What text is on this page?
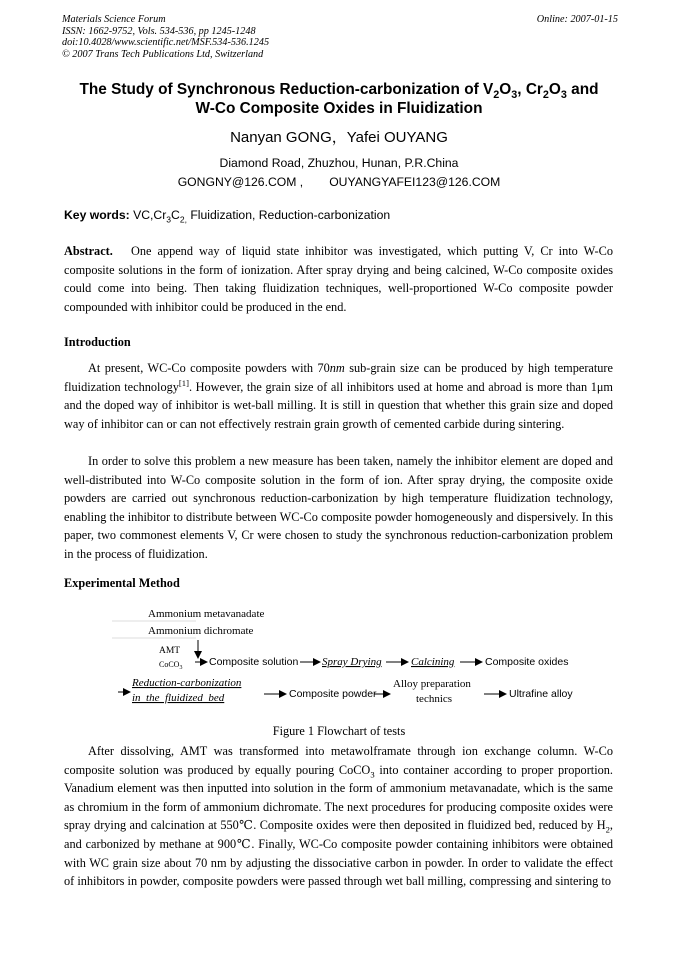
Materials Science Forum
ISSN: 1662-9752, Vols. 534-536, pp 1245-1248
doi:10.4028/www.scientific.net/MSF.534-536.1245
© 2007 Trans Tech Publications Ltd, Switzerland
Online: 2007-01-15
The Study of Synchronous Reduction-carbonization of $V_2O_3$, $Cr_2O_3$ and
W-Co Composite Oxides in Fluidization
Nanyan GONG，Yafei OUYANG
Diamond Road, Zhuzhou, Hunan, P.R.China
GONGNY@126.COM , OUYANGYAFEI123@126.COM
Key words: $VC,Cr_3C_{2,}$ Fluidization, Reduction-carbonization
Abstract. One append way of liquid state inhibitor was investigated, which putting V, Cr into W-Co composite solutions in the form of ionization. After spray drying and being calcined, W-Co composite oxides could come into being. Then taking fluidization techniques, well-proportioned W-Co composite powder compounded with inhibitor could be produced in the end.
Introduction
At present, WC-Co composite powders with 70nm sub-grain size can be produced by high temperature fluidization technology[1]. However, the grain size of all inhibitors used at home and abroad is more than 1μm and the doped way of inhibitor is wet-ball milling. It is still in question that whether this grain size and doped way of inhibitor can or can not effectively restrain grain growth of cemented carbide during sintering.
In order to solve this problem a new measure has been taken, namely the inhibitor element are doped and well-distributed into W-Co composite solution in the form of ion. After spray drying, the composite oxide powders are carried out synchronous reduction-carbonization by high temperature fluidization technology, enabling the inhibitor to distribute between WC-Co composite powder homogeneously and dispersively. In this paper, two commonest elements V, Cr were chosen to study the synchronous reduction-carbonization problem in the process of fluidization.
Experimental Method
Ammonium metavanadate
Ammonium dichromate
AMT
CoCO$_3$	Composite solution Spray Drying	Calcining	Composite oxides
Reduction-carbonization
in  the  fluidized  bed	Composite powder
Alloy preparation
technics	Ultrafine alloy
Figure 1 Flowchart of tests
After dissolving, AMT was transformed into metawolframate through ion exchange column. W-Co composite solution was produced by equally pouring CoCO$_3$ into container according to proper proportion. Vanadium element was then inputted into solution in the form of ammonium metavanadate, which is the same as chromium in the form of ammonium dichromate. The next procedures for producing composite oxides were spray drying and calcination at 550℃. Composite oxides were then deposited in fluidized bed, reduced by $H_2$, and carbonized by methane at 900℃. Finally, WC-Co composite powder containing inhibitors were obtained with WC grain size about 70 nm by adjusting the dissociative carbon in powder. In order to validate the effect of inhibitors in powder, composite powders were passed through wet ball milling, compressing and sintering to
